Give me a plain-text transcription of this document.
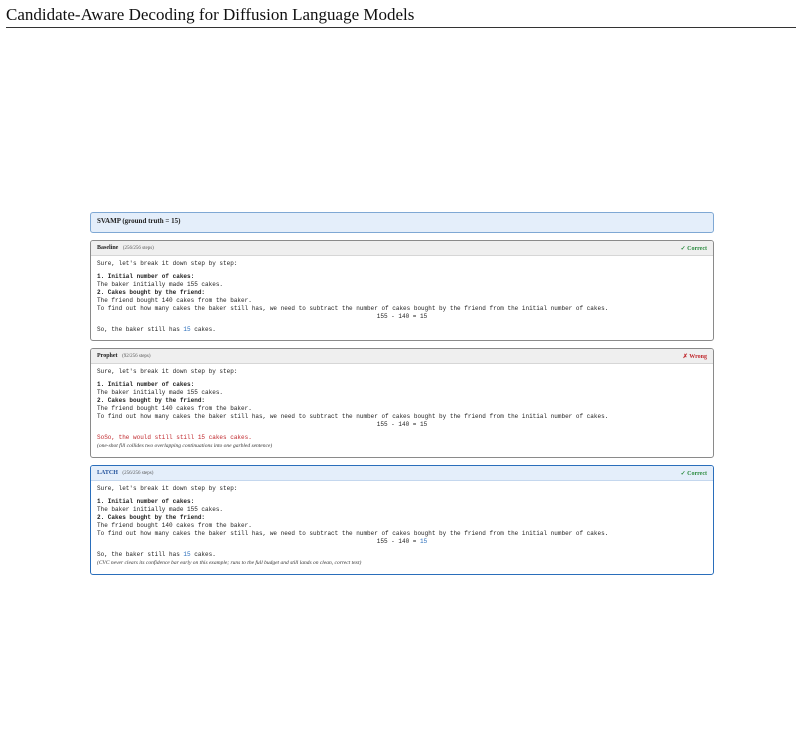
Candidate-Aware Decoding for Diffusion Language Models
SVAMP (ground truth = 15)
Baseline (256/256 steps)	✓ Correct
Sure, let's break it down step by step:
1. Initial number of cakes:
The baker initially made 155 cakes.
2. Cakes bought by the friend:
The friend bought 140 cakes from the baker.
To find out how many cakes the baker still has, we need to subtract the number of cakes bought by the friend from the initial number of cakes.
155 - 140 = 15
So, the baker still has 15 cakes.
Prophet (92/256 steps)	✗ Wrong
Sure, let's break it down step by step:
1. Initial number of cakes:
The baker initially made 155 cakes.
2. Cakes bought by the friend:
The friend bought 140 cakes from the baker.
To find out how many cakes the baker still has, we need to subtract the number of cakes bought by the friend from the initial number of cakes.
155 - 140 = 15
SoSo, the would still still 15 cakes cakes.
(one-shot fill collides two overlapping continuations into one garbled sentence)
LATCH (256/256 steps)	✓ Correct
Sure, let's break it down step by step:
1. Initial number of cakes:
The baker initially made 155 cakes.
2. Cakes bought by the friend:
The friend bought 140 cakes from the baker.
To find out how many cakes the baker still has, we need to subtract the number of cakes bought by the friend from the initial number of cakes.
155 - 140 = 15
So, the baker still has 15 cakes.
(CVC never clears its confidence bar early on this example; runs to the full budget and still lands on clean, correct text)
